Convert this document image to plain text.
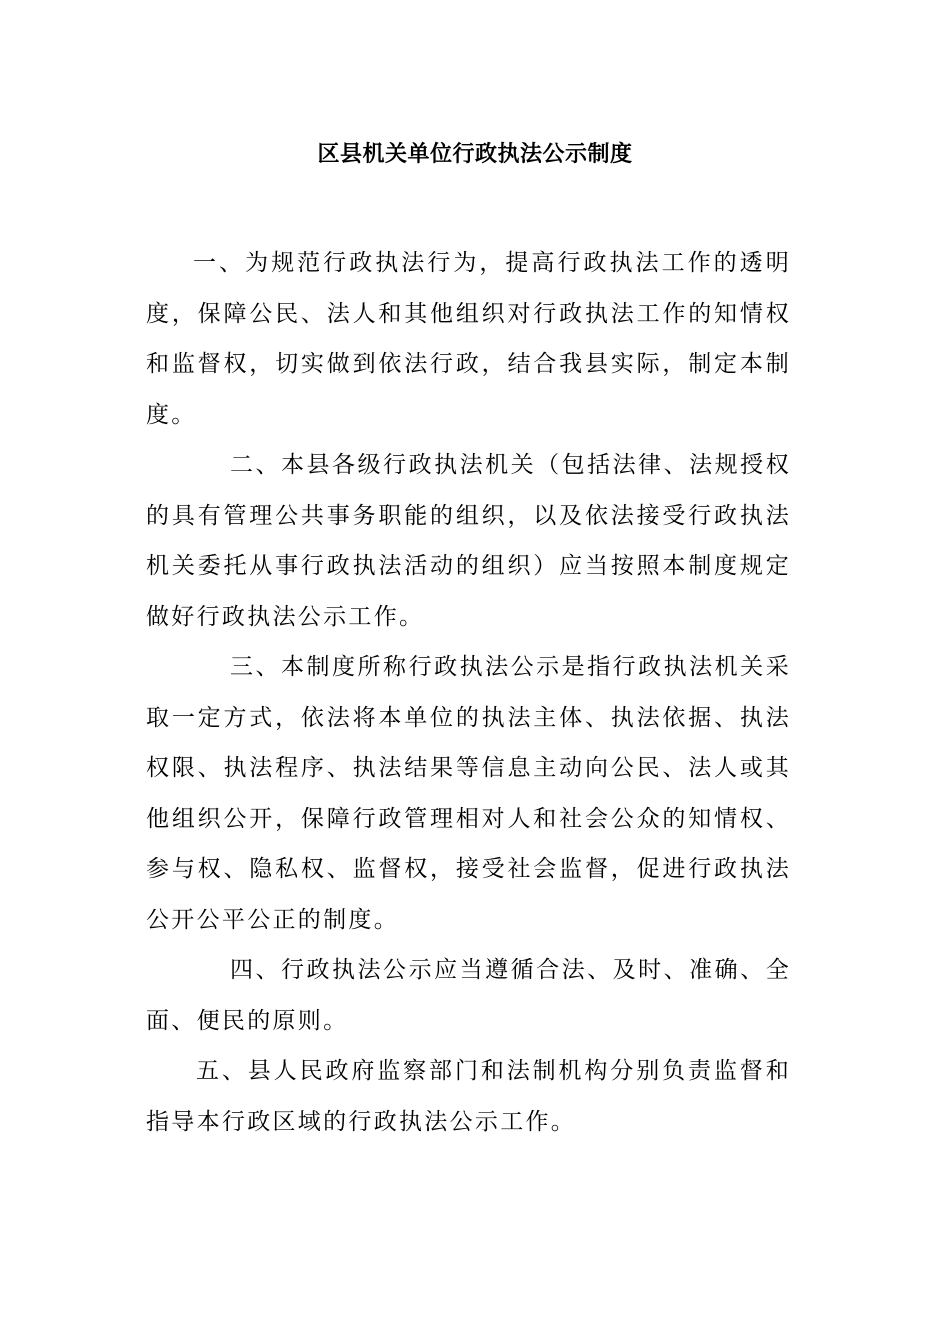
区县机关单位行政执法公示制度

一、为规范行政执法行为，提高行政执法工作的透明度，保障公民、法人和其他组织对行政执法工作的知情权和监督权，切实做到依法行政，结合我县实际，制定本制度。

二、本县各级行政执法机关（包括法律、法规授权的具有管理公共事务职能的组织，以及依法接受行政执法机关委托从事行政执法活动的组织）应当按照本制度规定做好行政执法公示工作。

三、本制度所称行政执法公示是指行政执法机关采取一定方式，依法将本单位的执法主体、执法依据、执法权限、执法程序、执法结果等信息主动向公民、法人或其他组织公开，保障行政管理相对人和社会公众的知情权、参与权、隐私权、监督权，接受社会监督，促进行政执法公开公平公正的制度。

四、行政执法公示应当遵循合法、及时、准确、全面、便民的原则。

五、县人民政府监察部门和法制机构分别负责监督和指导本行政区域的行政执法公示工作。
